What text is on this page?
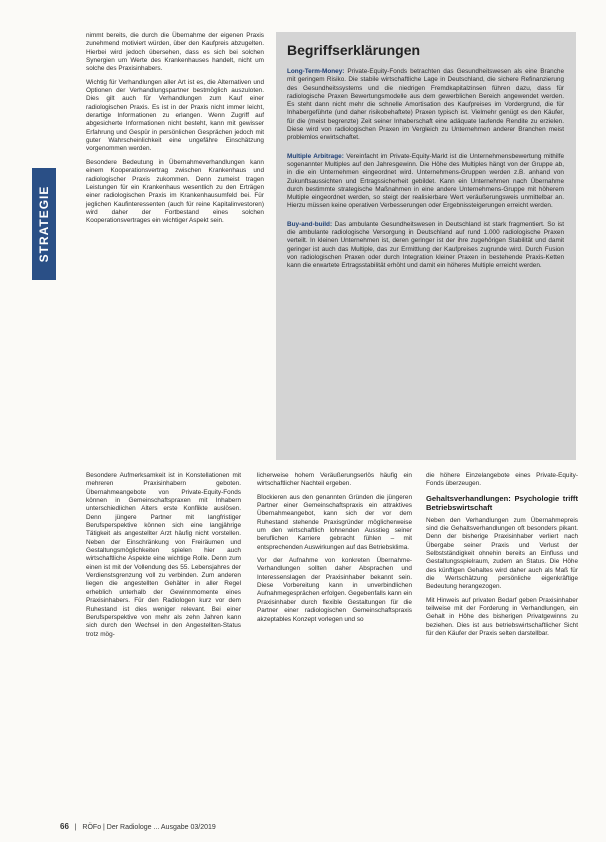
STRATEGIE

nimmt bereits, die durch die Übernahme der eigenen Praxis zunehmend motiviert würden, über den Kaufpreis abzugelten. Hierbei wird jedoch übersehen, dass es sich bei solchen Synergien um Werte des Krankenhauses handelt, nicht um solche des Praxisinhabers.

Wichtig für Verhandlungen aller Art ist es, die Alternativen und Optionen der Verhandlungspartner bestmöglich auszuloten. Dies gilt auch für Verhandlungen zum Kauf einer radiologischen Praxis. Es ist in der Praxis nicht immer leicht, derartige Informationen zu erlangen. Wenn Zugriff auf abgesicherte Informationen nicht besteht, kann mit gewisser Erfahrung und Gespür in persönlichen Gesprächen jedoch mit guter Wahrscheinlichkeit eine ungefähre Einschätzung vorgenommen werden.

Besondere Bedeutung in Übernahmeverhandlungen kann einem Kooperationsvertrag zwischen Krankenhaus und radiologischer Praxis zukommen. Denn zumeist tragen Leistungen für ein Krankenhaus wesentlich zu den Erträgen einer radiologischen Praxis im Krankenhausumfeld bei. Für jeglichen Kaufinteressenten (auch für reine Kapitalinvestoren) wird daher der Fortbestand eines solchen Kooperationsvertrages ein wichtiger Aspekt sein.

Begriffserklärungen

Long-Term-Money: Private-Equity-Fonds betrachten das Gesundheitswesen als eine Branche mit geringem Risiko. Die stabile wirtschaftliche Lage in Deutschland, die sichere Refinanzierung des Gesundheitssystems und die niedrigen Fremdkapitalzinsen führen dazu, dass für radiologische Praxen Bewertungsmodelle aus dem gewerblichen Bereich angewendet werden. Es steht dann nicht mehr die schnelle Amortisation des Kaufpreises im Vordergrund, die für Inhabergeführte (und daher risikobehaftete) Praxen typisch ist. Vielmehr genügt es den Käufer, für die (meist begrenzte) Zeit seiner Inhaberschaft eine adäquate laufende Rendite zu erzielen. Diese wird von radiologischen Praxen im Vergleich zu Unternehmen anderer Branchen meist problemlos erwirtschaftet.

Multiple Arbitrage: Vereinfacht im Private-Equity-Markt ist die Unternehmensbewertung mithilfe sogenannter Multiples auf den Jahresgewinn. Die Höhe des Multiples hängt von der Gruppe ab, in die ein Unternehmen eingeordnet wird. Unternehmens-Gruppen werden z.B. anhand von Zukunftsaussichten und Ertragssicherheit gebildet. Kann ein Unternehmen nach Übernahme durch bestimmte strategische Maßnahmen in eine andere Unternehmens-Gruppe mit höherem Multiple eingeordnet werden, so steigt der realisierbare Wert veräußerungsweis unmittelbar an. Hierzu müssen keine operativen Verbesserungen oder Ergebnissteigerungen erreicht werden.

Buy-and-build: Das ambulante Gesundheitswesen in Deutschland ist stark fragmentiert. So ist die ambulante radiologische Versorgung in Deutschland auf rund 1.000 radiologische Praxen verteilt. In kleinen Unternehmen ist, deren geringer ist der ihre zugehörigen Stabilität und damit geringer ist auch das Multiple, das zur Ermittlung der Kaufpreises zugrunde wird. Durch Fusion von radiologischen Praxen oder durch Integration kleiner Praxen in bestehende Praxis-Ketten kann die erwartete Ertragsstabilität erhöht und damit ein höheres Multiple erreicht werden.

Besondere Aufmerksamkeit ist in Konstellationen mit mehreren Praxisinhabern geboten. Übernahmeangebote von Private-Equity-Fonds können in Gemeinschaftspraxen mit Inhabern unterschiedlichen Alters erste Konflikte auslösen. Denn jüngere Partner mit langfristiger Berufsperspektive können sich eine langjährige Tätigkeit als angestellter Arzt häufig nicht vorstellen. Neben der Einschränkung von Freiräumen und Gestaltungsmöglichkeiten spielen hier auch wirtschaftliche Aspekte eine wichtige Rolle. Denn zum einen ist mit der Vollendung des 55. Lebensjahres der Verdienstsgrenzung voll zu verbinden. Zum anderen liegen die angestellten Gehälter in aller Regel erheblich unterhalb der Gewinnmomente eines Praxisinhabers. Für den Radiologen kurz vor dem Ruhestand ist dies weniger relevant. Bei einer Berufsperspektive von mehr als zehn Jahren kann sich durch den Wechsel in den Angestellten-Status trotz mög-

licherweise hohem Veräußerungserlös häufig ein wirtschaftlicher Nachteil ergeben.

Blockieren aus den genannten Gründen die jüngeren Partner einer Gemeinschaftspraxis ein attraktives Übernahmeangebot, kann sich der vor dem Ruhestand stehende Praxisgründer möglicherweise um den wirtschaftlich lohnenden Ausstieg seiner beruflichen Karriere gebracht fühlen – mit entsprechenden Auswirkungen auf das Betriebsklima.

Vor der Aufnahme von konkreten Übernahme-Verhandlungen sollten daher Absprachen und Interessenslagen der Praxisinhaber bekannt sein. Diese Vorbereitung kann in unverbindlichen Aufnahmegesprächen erfolgen. Gegebenfalls kann ein Praxisinhaber durch flexible Gestaltungen für die Partner einer radiologischen Gemeinschaftspraxis akzeptables Konzept vorlegen und so

die höhere Einzelangebote eines Private-Equity-Fonds überzeugen.

Gehaltsverhandlungen: Psychologie trifft Betriebswirtschaft

Neben den Verhandlungen zum Übernahmepreis sind die Gehaltsverhandlungen oft besonders pikant. Denn der bisherige Praxisinhaber verliert nach Übergabe seiner Praxis und Verlust der Selbstständigkeit ohnehin bereits an Einfluss und Gestaltungsspielraum, zudem an Status. Die Höhe des künftigen Gehaltes wird daher auch als Maß für die Wertschätzung persönliche eigenkräftige Bedeutung herangezogen.

Mit Hinweis auf privaten Bedarf geben Praxisinhaber teilweise mit der Forderung in Verhandlungen, ein Gehalt in Höhe des bisherigen Privatgewinns zu beziehen. Dies ist aus betriebswirtschaftlicher Sicht für den Käufer der Praxis selten darstellbar.

66 | RÖFo | Der Radiologe ... Ausgabe 03/2019
